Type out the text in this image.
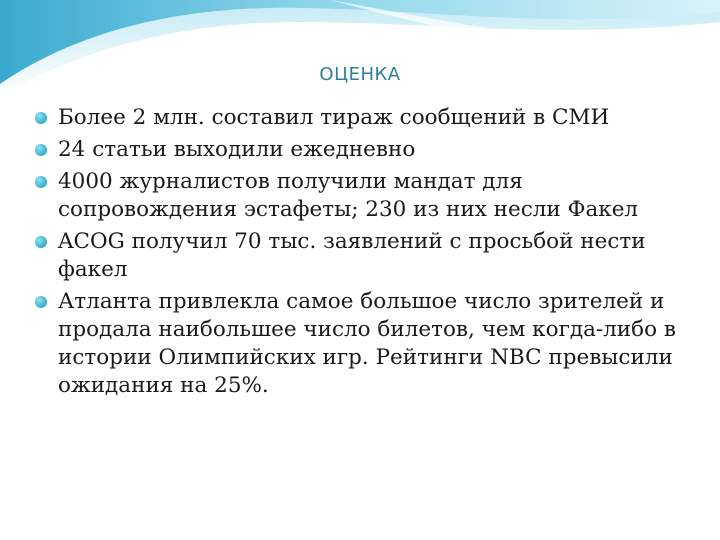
ОЦЕНКА
Более 2 млн. составил тираж сообщений в СМИ
24 статьи выходили ежедневно
4000 журналистов получили мандат для сопровождения эстафеты; 230 из них несли Факел
ACOG получил 70 тыс. заявлений с просьбой нести факел
Атланта привлекла самое большое число зрителей и продала наибольшее число билетов, чем когда-либо в истории Олимпийских игр. Рейтинги NBC превысили ожидания на 25%.
